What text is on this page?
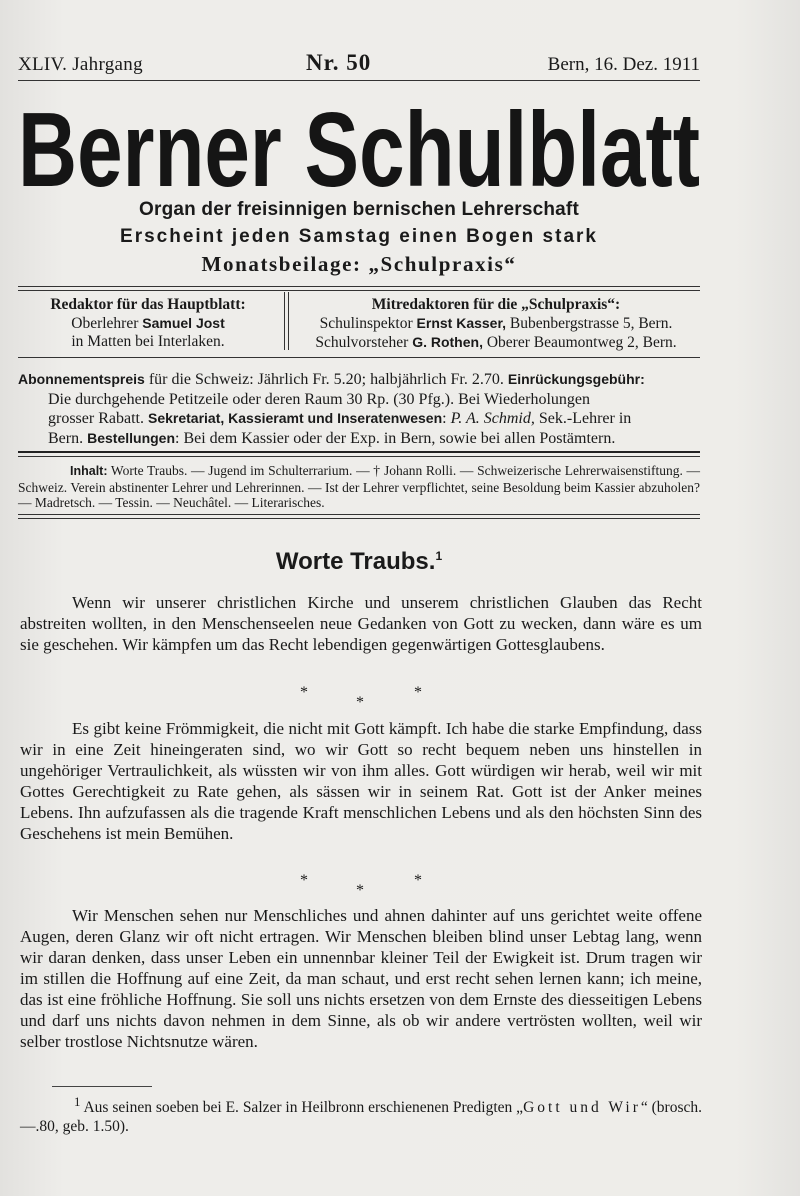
XLIV. Jahrgang	Nr. 50	Bern, 16. Dez. 1911
Berner Schulblatt
Organ der freisinnigen bernischen Lehrerschaft
Erscheint jeden Samstag einen Bogen stark
Monatsbeilage: „Schulpraxis“
Redaktor für das Hauptblatt:
Oberlehrer Samuel Jost
in Matten bei Interlaken.
Mitredaktoren für die „Schulpraxis“:
Schulinspektor Ernst Kasser, Bubenbergstrasse 5, Bern.
Schulvorsteher G. Rothen, Oberer Beaumontweg 2, Bern.

Abonnementspreis für die Schweiz: Jährlich Fr. 5.20; halbjährlich Fr. 2.70. Einrückungsgebühr:

Die durchgehende Petitzeile oder deren Raum 30 Rp. (30 Pfg.). Bei Wiederholungen

grosser Rabatt. Sekretariat, Kassieramt und Inseratenwesen: P. A. Schmid, Sek.-Lehrer in

Bern. Bestellungen: Bei dem Kassier oder der Exp. in Bern, sowie bei allen Postämtern.

Inhalt: Worte Traubs. — Jugend im Schulterrarium. — † Johann Rolli. — Schweizerische Lehrerwaisenstiftung. — Schweiz. Verein abstinenter Lehrer und Lehrerinnen. — Ist der Lehrer verpflichtet, seine Besoldung beim Kassier abzuholen? — Madretsch. — Tessin. — Neuchâtel. — Literarisches.
Worte Traubs.$^1$

Wenn wir unserer christlichen Kirche und unserem christlichen Glauben das Recht abstreiten wollten, in den Menschenseelen neue Gedanken von Gott zu wecken, dann wäre es um sie geschehen. Wir kämpfen um das Recht lebendigen gegenwärtigen Gottesglaubens.

*
*
*

Es gibt keine Frömmigkeit, die nicht mit Gott kämpft. Ich habe die starke Empfindung, dass wir in eine Zeit hineingeraten sind, wo wir Gott so recht bequem neben uns hinstellen in ungehöriger Vertraulichkeit, als wüssten wir von ihm alles. Gott würdigen wir herab, weil wir mit Gottes Gerechtigkeit zu Rate gehen, als sässen wir in seinem Rat. Gott ist der Anker meines Lebens. Ihn aufzufassen als die tragende Kraft menschlichen Lebens und als den höchsten Sinn des Geschehens ist mein Bemühen.

*
*
*

Wir Menschen sehen nur Menschliches und ahnen dahinter auf uns gerichtet weite offene Augen, deren Glanz wir oft nicht ertragen. Wir Menschen bleiben blind unser Lebtag lang, wenn wir daran denken, dass unser Leben ein unnennbar kleiner Teil der Ewigkeit ist. Drum tragen wir im stillen die Hoffnung auf eine Zeit, da man schaut, und erst recht sehen lernen kann; ich meine, das ist eine fröhliche Hoffnung. Sie soll uns nichts ersetzen von dem Ernste des diesseitigen Lebens und darf uns nichts davon nehmen in dem Sinne, als ob wir andere vertrösten wollten, weil wir selber trostlose Nichtsnutze wären.

$^1$ Aus seinen soeben bei E. Salzer in Heilbronn erschienenen Predigten „Gott und Wir“ (brosch. —.80, geb. 1.50).
